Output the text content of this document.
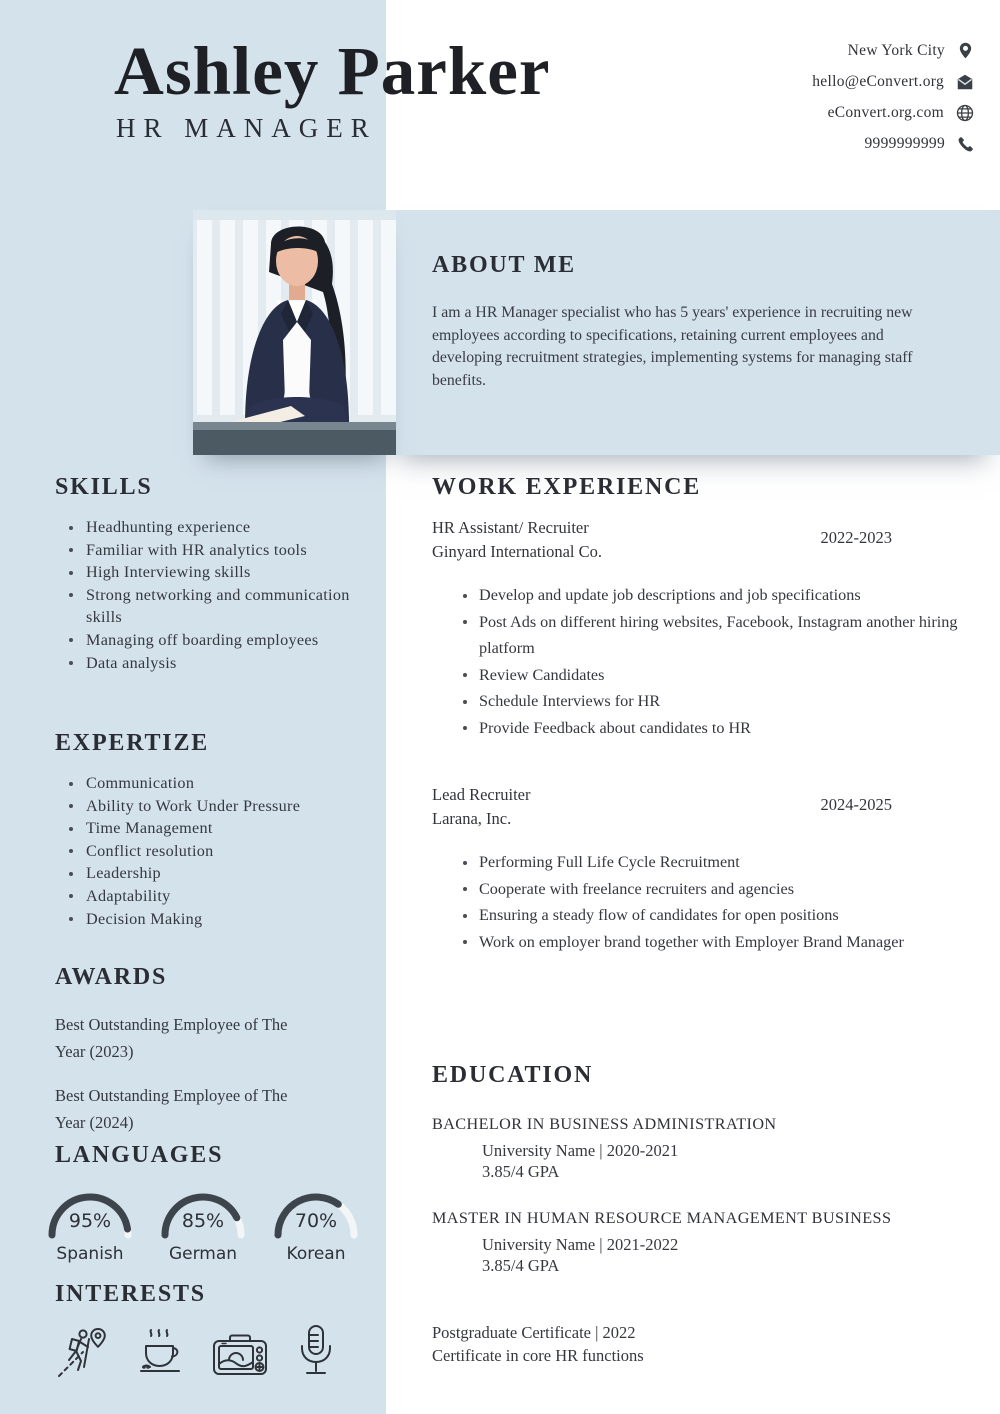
ABOUT ME

I am a HR Manager specialist who has 5 years' experience in recruiting new employees according to specifications, retaining current employees and developing recruitment strategies, implementing systems for managing staff benefits.

Ashley Parker
HR MANAGER
New York City
hello@eConvert.org
eConvert.org.com
9999999999
SKILLS
Headhunting experience
Familiar with HR analytics tools
High Interviewing skills
Strong networking and communication skills
Managing off boarding employees
Data analysis
EXPERTIZE
Communication
Ability to Work Under Pressure
Time Management
Conflict resolution
Leadership
Adaptability
Decision Making
AWARDS
Best Outstanding Employee of The Year (2023)
Best Outstanding Employee of The Year (2024)
LANGUAGES
95%
Spanish
85%
German
70%
Korean
INTERESTS
WORK EXPERIENCE
HR Assistant/ Recruiter
Ginyard International Co.
2022-2023
Develop and update job descriptions and job specifications
Post Ads on different hiring websites, Facebook, Instagram another hiring platform
Review Candidates
Schedule Interviews for HR
Provide Feedback about candidates to HR
Lead Recruiter
Larana, Inc.
2024-2025
Performing Full Life Cycle Recruitment
Cooperate with freelance recruiters and agencies
Ensuring a steady flow of candidates for open positions
Work on employer brand together with Employer Brand Manager
EDUCATION
BACHELOR IN BUSINESS ADMINISTRATION
University Name | 2020-2021
3.85/4 GPA
MASTER IN HUMAN RESOURCE MANAGEMENT BUSINESS
University Name | 2021-2022
3.85/4 GPA
Postgraduate Certificate | 2022
Certificate in core HR functions
